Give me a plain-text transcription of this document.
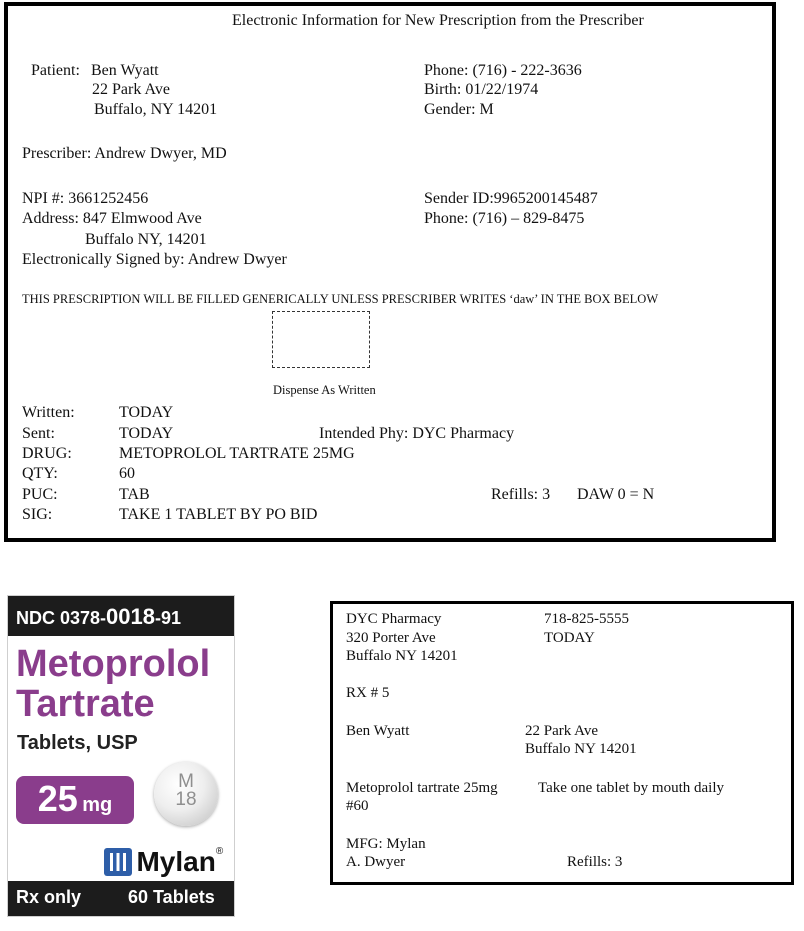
Electronic Information for New Prescription from the Prescriber
Patient: Ben Wyatt
22 Park Ave
Buffalo, NY 14201
Phone: (716) - 222-3636
Birth: 01/22/1974
Gender: M
Prescriber: Andrew Dwyer, MD
NPI #: 3661252456	Sender ID:9965200145487
Address: 847 Elmwood Ave	Phone: (716) – 829-8475
Buffalo NY, 14201
Electronically Signed by: Andrew Dwyer
THIS PRESCRIPTION WILL BE FILLED GENERICALLY UNLESS PRESCRIBER WRITES ‘daw’ IN THE BOX BELOW
Dispense As Written
Written:	TODAY
Sent:	TODAY	Intended Phy: DYC Pharmacy
DRUG:	METOPROLOL TARTRATE 25MG
QTY:	60
PUC:	TAB	Refills: 3 DAW 0 = N
SIG:	TAKE 1 TABLET BY PO BID
NDC 0378-0018-91
Metoprolol
Tartrate
Tablets, USP
25 mg
M
18
Mylan®
Rx only	60 Tablets
DYC Pharmacy	718-825-5555
320 Porter Ave	TODAY
Buffalo NY 14201
RX # 5
Ben Wyatt	22 Park Ave
Buffalo NY 14201
Metoprolol tartrate 25mg	Take one tablet by mouth daily
#60
MFG: Mylan
A. Dwyer	Refills: 3
